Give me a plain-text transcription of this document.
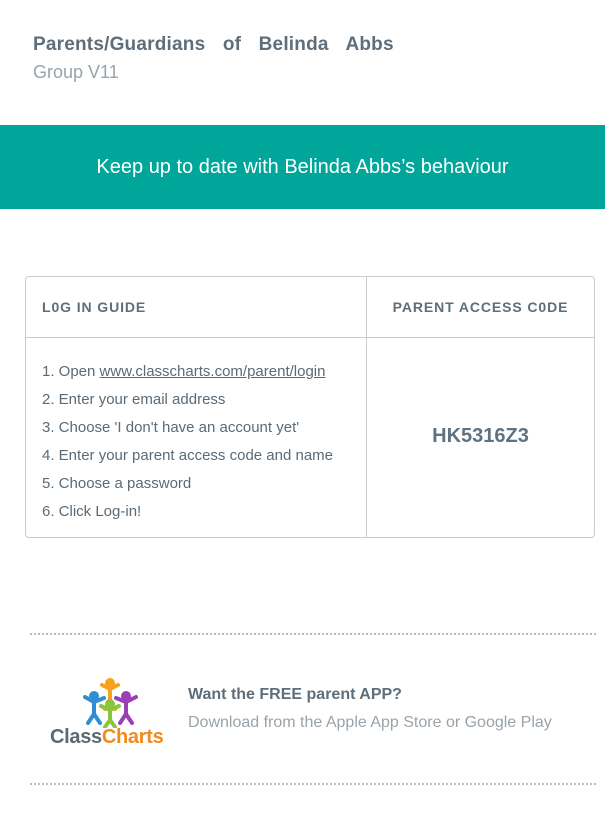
Parents/Guardians of Belinda Abbs
Group V11
Keep up to date with Belinda Abbs’s behaviour
L0G IN GUIDE	PARENT ACCESS C0DE
1. Open www.classcharts.com/parent/login
2. Enter your email address
3. Choose 'I don't have an account yet'
4. Enter your parent access code and name
5. Choose a password
6. Click Log-in!
HK5316Z3
ClassCharts
Want the FREE parent APP?
Download from the Apple App Store or Google Play
